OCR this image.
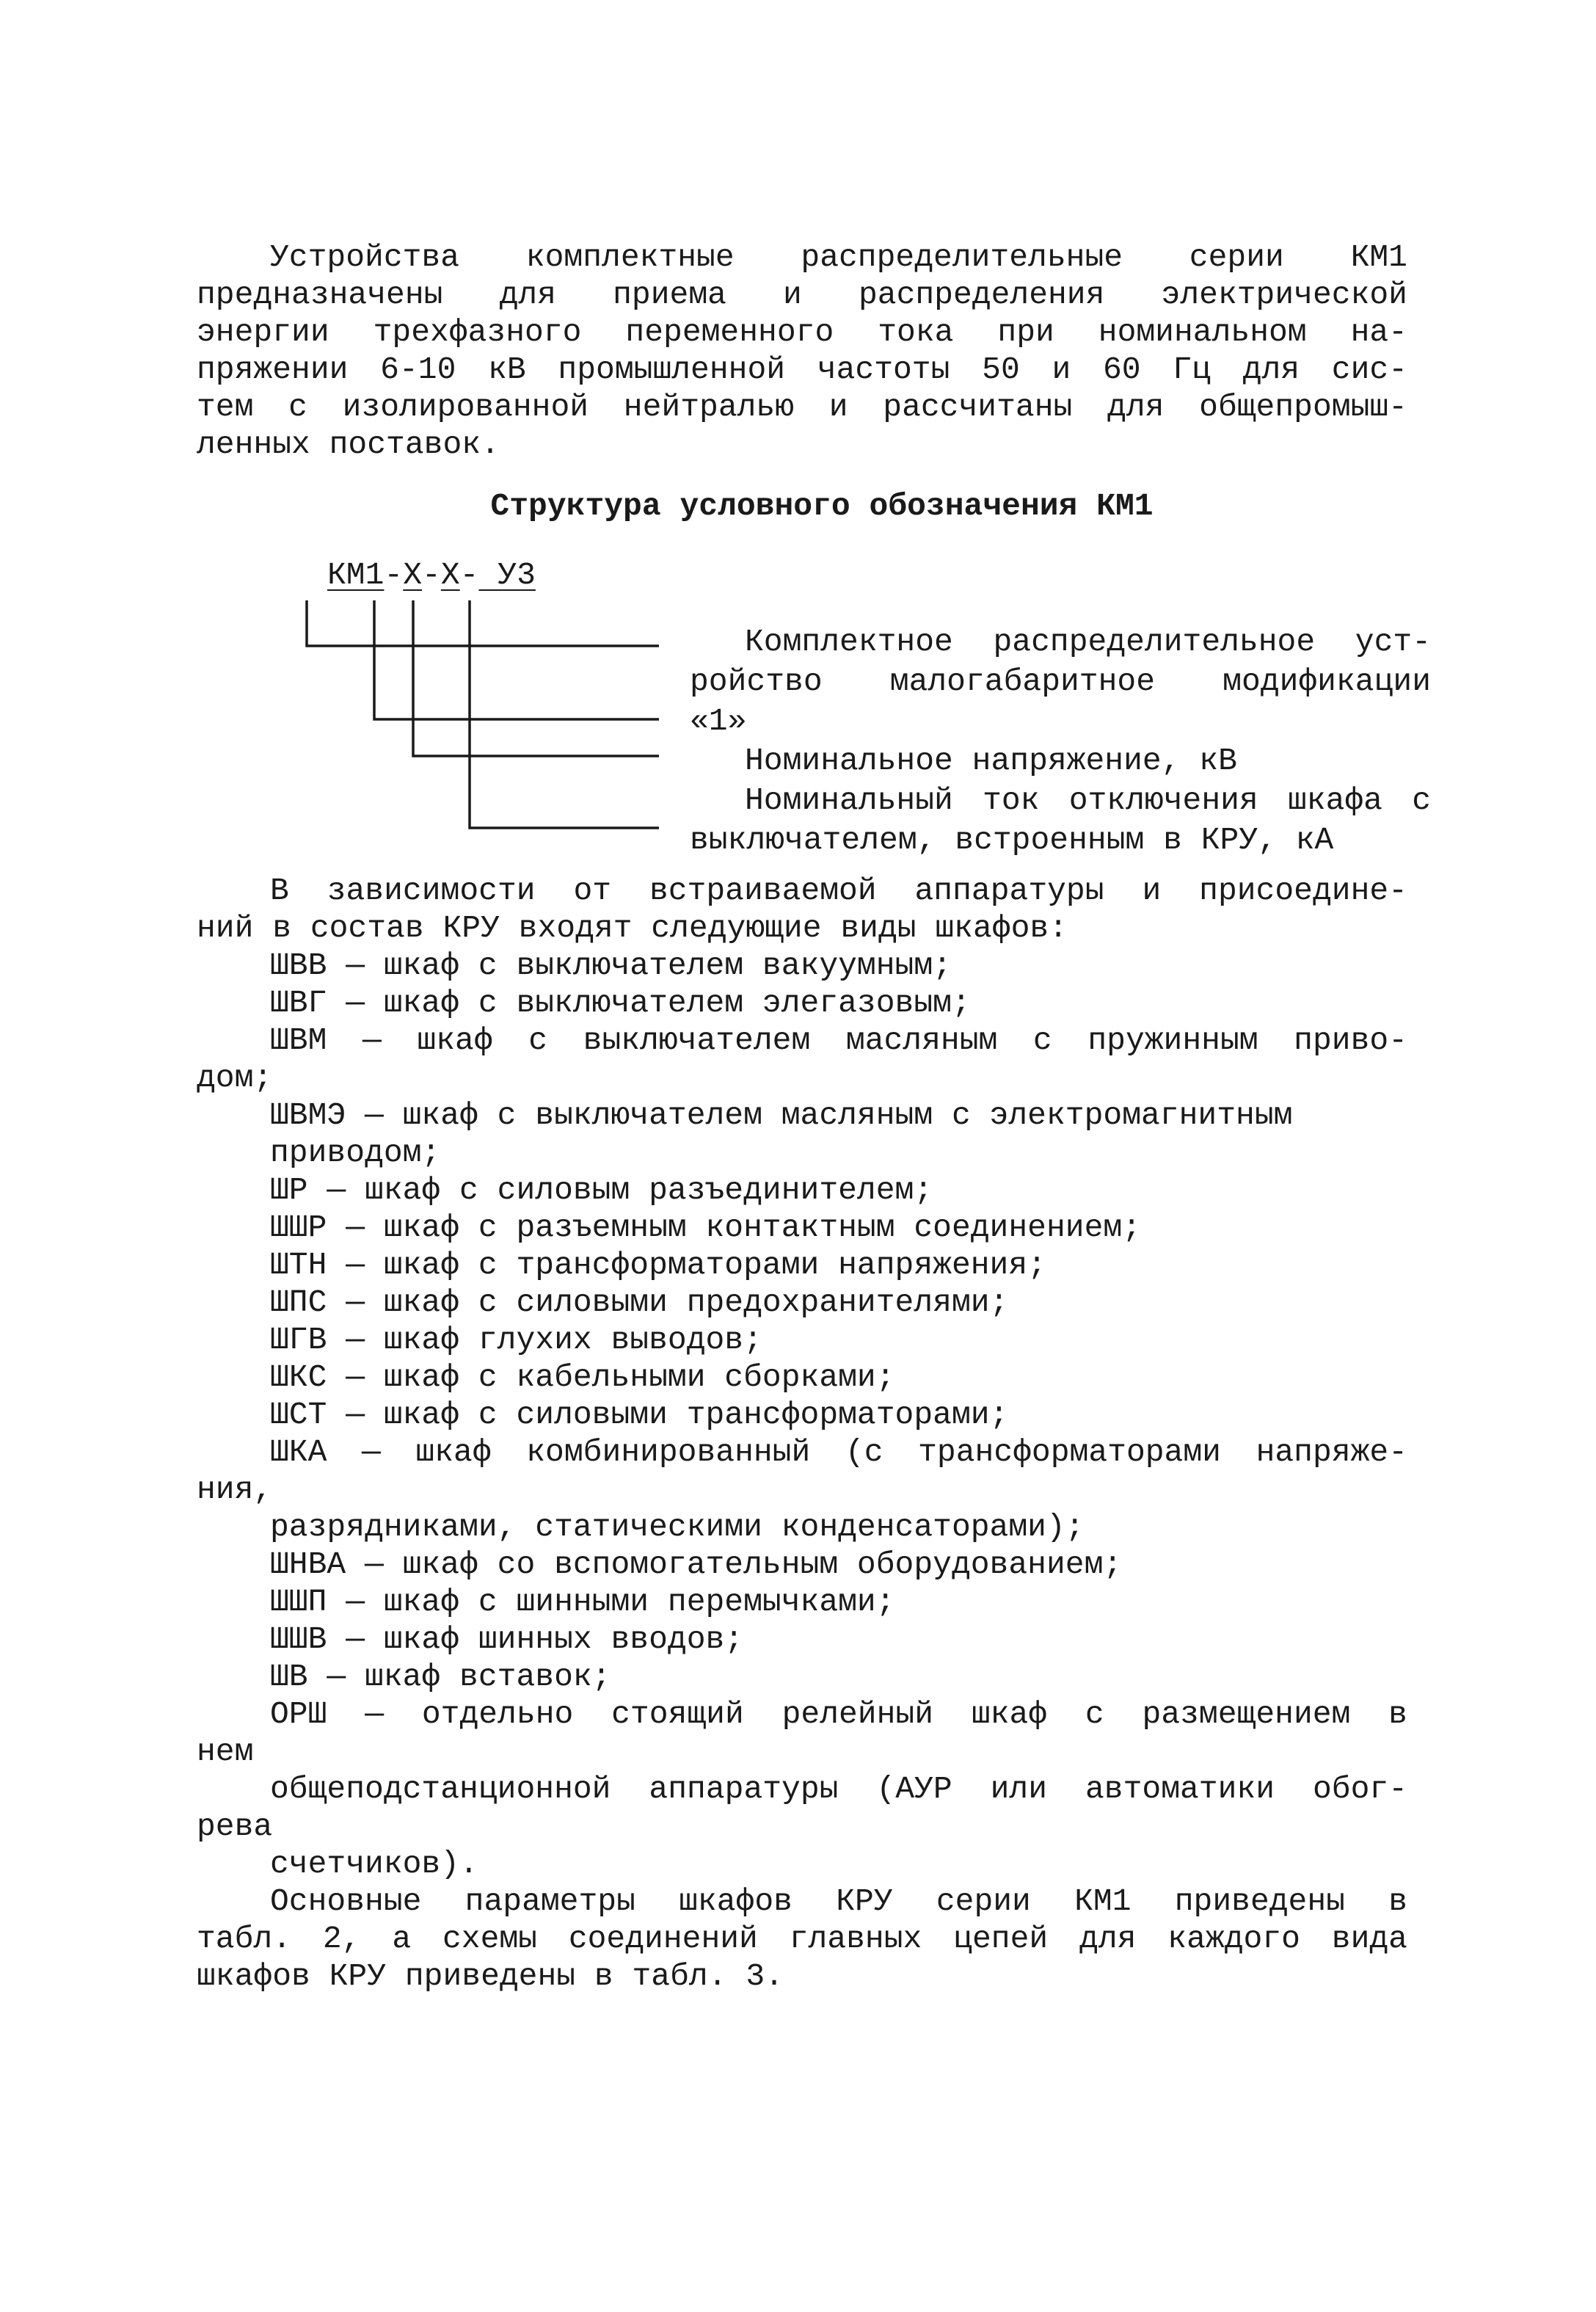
Устройства комплектные распределительные серии КМ1
предназначены для приема и распределения электрической
энергии трехфазного переменного тока при номинальном на-
пряжении 6-10 кВ промышленной частоты 50 и 60 Гц для сис-
тем с изолированной нейтралью и рассчитаны для общепромыш-
ленных поставок.
Структура условного обозначения КМ1
КМ1-Х-Х- У3
Комплектное распределительное уст-
ройство малогабаритное модификации
«1»
Номинальное напряжение, кВ
Номинальный ток отключения шкафа с
выключателем, встроенным в КРУ, кА
В зависимости от встраиваемой аппаратуры и присоедине-
ний в состав КРУ входят следующие виды шкафов:
ШВВ — шкаф с выключателем вакуумным;
ШВГ — шкаф с выключателем элегазовым;
ШВМ — шкаф с выключателем масляным с пружинным приво-
дом;
ШВМЭ — шкаф с выключателем масляным с электромагнитным
приводом;
ШР — шкаф с силовым разъединителем;
ШШР — шкаф с разъемным контактным соединением;
ШТН — шкаф с трансформаторами напряжения;
ШПС — шкаф с силовыми предохранителями;
ШГВ — шкаф глухих выводов;
ШКС — шкаф с кабельными сборками;
ШСТ — шкаф с силовыми трансформаторами;
ШКА — шкаф комбинированный (с трансформаторами напряже-
ния,
разрядниками, статическими конденсаторами);
ШНВА — шкаф со вспомогательным оборудованием;
ШШП — шкаф с шинными перемычками;
ШШВ — шкаф шинных вводов;
ШВ — шкаф вставок;
ОРШ — отдельно стоящий релейный шкаф с размещением в
нем
общеподстанционной аппаратуры (АУР или автоматики обог-
рева
счетчиков).
Основные параметры шкафов КРУ серии КМ1 приведены в
табл. 2, а схемы соединений главных цепей для каждого вида
шкафов КРУ приведены в табл. 3.
